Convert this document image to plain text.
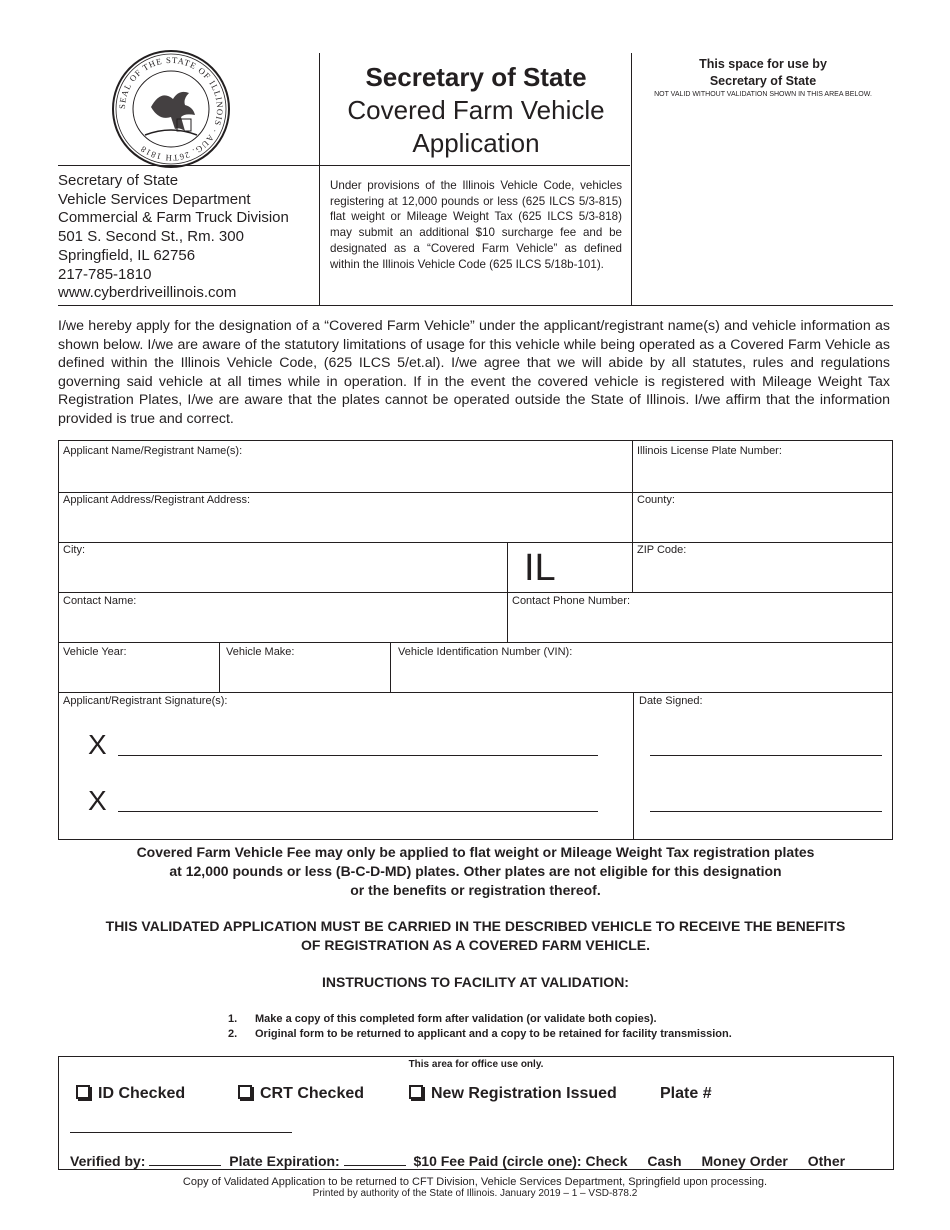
SEAL OF THE STATE OF ILLINOIS · AUG. 26TH 1818
Secretary of State
Covered Farm Vehicle
Application
This space for use by
Secretary of State
NOT VALID WITHOUT VALIDATION SHOWN IN THIS AREA BELOW.
Secretary of State
Vehicle Services Department
Commercial & Farm Truck Division
501 S. Second St., Rm. 300
Springfield, IL 62756
217-785-1810
www.cyberdriveillinois.com
Under provisions of the Illinois Vehicle Code, vehicles registering at 12,000 pounds or less (625 ILCS 5/3-815) flat weight or Mileage Weight Tax (625 ILCS 5/3-818) may submit an additional $10 surcharge fee and be designated as a “Covered Farm Vehicle” as defined within the Illinois Vehicle Code (625 ILCS 5/18b-101).
I/we hereby apply for the designation of a “Covered Farm Vehicle” under the applicant/registrant name(s) and vehicle information as shown below. I/we are aware of the statutory limitations of usage for this vehicle while being operated as a Covered Farm Vehicle as defined within the Illinois Vehicle Code, (625 ILCS 5/et.al). I/we agree that we will abide by all statutes, rules and regulations governing said vehicle at all times while in operation. If in the event the covered vehicle is registered with Mileage Weight Tax Registration Plates, I/we are aware that the plates cannot be operated outside the State of Illinois. I/we affirm that the information provided is true and correct.
Applicant Name/Registrant Name(s):	Illinois License Plate Number:
Applicant Address/Registrant Address:	County:
City:	IL	ZIP Code:
Contact Name:	Contact Phone Number:
Vehicle Year:	Vehicle Make:	Vehicle Identification Number (VIN):
Applicant/Registrant Signature(s):	Date Signed:
X
X
Covered Farm Vehicle Fee may only be applied to flat weight or Mileage Weight Tax registration plates
at 12,000 pounds or less (B-C-D-MD) plates. Other plates are not eligible for this designation
or the benefits or registration thereof.
THIS VALIDATED APPLICATION MUST BE CARRIED IN THE DESCRIBED VEHICLE TO RECEIVE THE BENEFITS
OF REGISTRATION AS A COVERED FARM VEHICLE.
INSTRUCTIONS TO FACILITY AT VALIDATION:
1. Make a copy of this completed form after validation (or validate both copies).
2. Original form to be returned to applicant and a copy to be retained for facility transmission.
This area for office use only.
ID Checked	CRT Checked	New Registration Issued	Plate #
Verified by:	Plate Expiration:	$10 Fee Paid (circle one): Check Cash Money Order Other
Copy of Validated Application to be returned to CFT Division, Vehicle Services Department, Springfield upon processing.
Printed by authority of the State of Illinois. January 2019 – 1 – VSD-878.2
